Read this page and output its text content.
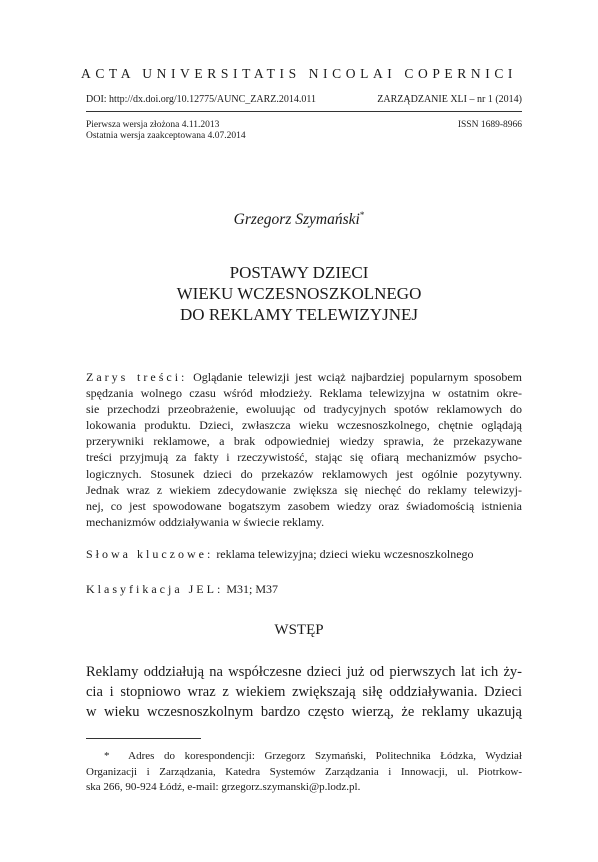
ACTA UNIVERSITATIS NICOLAI COPERNICI
DOI: http://dx.doi.org/10.12775/AUNC_ZARZ.2014.011	ZARZĄDZANIE XLI – nr 1 (2014)
Pierwsza wersja złożona 4.11.2013
Ostatnia wersja zaakceptowana 4.07.2014
ISSN 1689-8966
Grzegorz Szymański*
POSTAWY DZIECI
WIEKU WCZESNOSZKOLNEGO
DO REKLAMY TELEWIZYJNEJ
Zarys treści: Oglądanie telewizji jest wciąż najbardziej popularnym sposobem
spędzania wolnego czasu wśród młodzieży. Reklama telewizyjna w ostatnim okre-
sie przechodzi przeobrażenie, ewoluując od tradycyjnych spotów reklamowych do
lokowania produktu. Dzieci, zwłaszcza wieku wczesnoszkolnego, chętnie oglądają
przerywniki reklamowe, a brak odpowiedniej wiedzy sprawia, że przekazywane
treści przyjmują za fakty i rzeczywistość, stając się ofiarą mechanizmów psycho-
logicznych. Stosunek dzieci do przekazów reklamowych jest ogólnie pozytywny.
Jednak wraz z wiekiem zdecydowanie zwiększa się niechęć do reklamy telewizyj-
nej, co jest spowodowane bogatszym zasobem wiedzy oraz świadomością istnienia
mechanizmów oddziaływania w świecie reklamy.
Słowa kluczowe: reklama telewizyjna; dzieci wieku wczesnoszkolnego
Klasyfikacja JEL: M31; M37
WSTĘP
Reklamy oddziałują na współczesne dzieci już od pierwszych lat ich ży-
cia i stopniowo wraz z wiekiem zwiększają siłę oddziaływania. Dzieci
w wieku wczesnoszkolnym bardzo często wierzą, że reklamy ukazują
* Adres do korespondencji: Grzegorz Szymański, Politechnika Łódzka, Wydział
Organizacji i Zarządzania, Katedra Systemów Zarządzania i Innowacji, ul. Piotrkow-
ska 266, 90-924 Łódź, e-mail: grzegorz.szymanski@p.lodz.pl.
